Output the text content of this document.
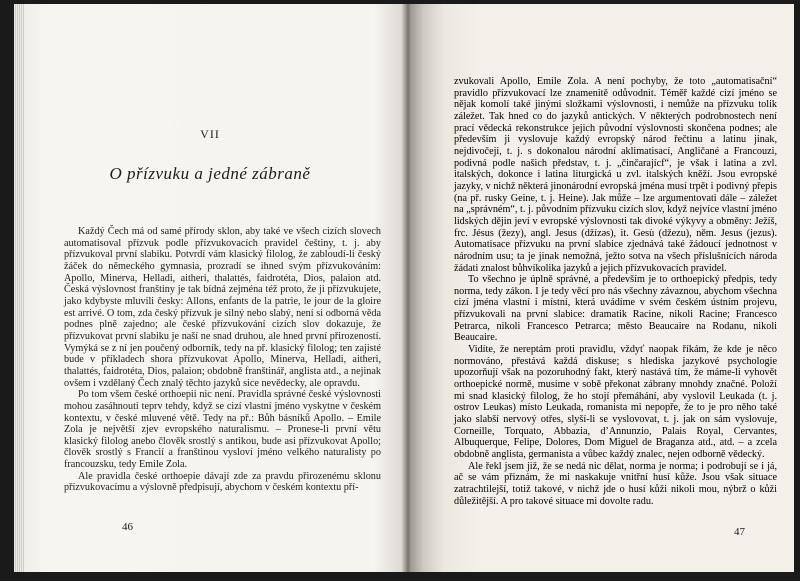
VII
O přízvuku a jedné zábraně

Každý Čech má od samé přírody sklon, aby také ve všech cizích slovech automatisoval přízvuk podle přízvukovacích pravidel češtiny, t. j. aby přízvukoval první slabiku. Potvrdí vám klasický filolog, že zabloudí-li český žáček do německého gymnasia, prozradí se ihned svým přízvukováním: Apollo, Minerva, Helladi, aitheri, thalattés, faidrotéta, Dios, palaion atd. Česká výslovnost franštiny je tak bídná zejména též proto, že ji přízvukujete, jako kdybyste mluvili česky: Allons, enfants de la patrie, le jour de la gloire est arrivé. O tom, zda český přízvuk je silný nebo slabý, není si odborná věda podnes plně zajedno; ale české přízvukování cizích slov dokazuje, že přízvukovat první slabiku je naší ne snad druhou, ale hned první přirozeností. Vymýká se z ní jen poučený odborník, tedy na př. klasický filolog; ten zajisté bude v příkladech shora přízvukovat Apollo, Minerva, Helladi, aitheri, thalattés, faidrotéta, Dios, palaion; obdobně franštinář, anglista atd., a nejinak ovšem i vzdělaný Čech znalý těchto jazyků sice nevědecky, ale opravdu.

Po tom všem české orthoepii nic není. Pravidla správné české výslovnosti mohou zasáhnouti teprv tehdy, když se cizí vlastní jméno vyskytne v českém kontextu, v české mluvené větě. Tedy na př.: Bůh básníků Apollo. – Emile Zola je největší zjev evropského naturalismu. – Pronese-li první větu klasický filolog anebo člověk srostlý s antikou, bude asi přízvukovat Apollo; člověk srostlý s Francií a franštinou vysloví jméno velkého naturalisty po francouzsku, tedy Emile Zola.

Ale pravidla české orthoepie dávají zde za pravdu přirozenému sklonu přízvukovacímu a výslovně předpisují, abychom v českém kontextu pří-

46	47

zvukovali Apollo, Emile Zola. A není pochyby, že toto „automatisační“ pravidlo přízvukovací lze znamenitě odůvodnit. Téměř každé cizí jméno se nějak komolí také jinými složkami výslovnosti, i nemůže na přízvuku tolik záležet. Tak hned co do jazyků antických. V některých podrobnostech není prací vědecká rekonstrukce jejich původní výslovnosti skončena podnes; ale především ji vyslovuje každý evropský národ řečtinu a latinu jinak, nejdivočeji, t. j. s dokonalou národní aklimatisací, Angličané a Francouzi, podivná podle našich představ, t. j. „činčarajícf“, je však i latina a zvl. italských, dokonce i latina liturgická u zvl. italských kněží. Jsou evropské jazyky, v nichž některá jinonárodní evropská jména musí trpět i podivný přepis (na př. rusky Geine, t. j. Heine). Jak může – lze argumentovati dále – záležet na „správném“, t. j. původním přízvuku cizích slov, když nejvíce vlastní jméno lidských dějin jeví v evropské výslovnosti tak divoké výkyvy a obměny: Ježíš, frc. Jésus (žezy), angl. Jesus (džízəs), it. Gesù (džezu), něm. Jesus (jezus). Automatisace přízvuku na první slabice zjednává také žádoucí jednotnost v národním usu; ta je jinak nemožná, ježto sotva na všech příslušnících národa žádati znalost bůhvíkolika jazyků a jejich přízvukovacích pravidel.

To všechno je úplně správné, a především je to orthoepický předpis, tedy norma, tedy zákon. I je tedy věcí pro nás všechny závaznou, abychom všechna cizí jména vlastní i místní, která uvádíme v svém českém ústním projevu, přízvukovali na první slabice: dramatik Racine, nikoli Racine; Francesco Petrarca, nikoli Francesco Petrarca; město Beaucaire na Rodanu, nikoli Beaucaire.

Vidíte, že nereptám proti pravidlu, vždyť naopak říkám, že kde je něco normováno, přestává každá diskuse; s hlediska jazykové psychologie upozorňují však na pozoruhodný fakt, který nastává tím, že máme-li vyhovět orthoepické normě, musíme v sobě překonat zábrany mnohdy značné. Položí mi snad klasický filolog, že ho stojí přemáhání, aby vyslovil Leukada (t. j. ostrov Leukas) místo Leukada, romanista mi nepopře, že to je pro něho také jako slabší nervový otřes, slyší-li se vyslovovat, t. j. jak on sám vyslovuje, Corneille, Torquato, Abbazia, d’Annunzio, Palais Royal, Cervantes, Albuquerque, Felipe, Dolores, Dom Miguel de Braganza atd., atd. – a zcela obdobně anglista, germanista a vůbec každý znalec, nejen odborně vědecký.

Ale řekl jsem již, že se nedá nic dělat, norma je norma; i podrobují se i já, ač se vám přiznám, že mi naskakuje vnitřní husí kůže. Jsou však situace zatrachtilejší, totiž takové, v nichž jde o husí kůži nikoli mou, nýbrž o kůži důležitější. A pro takové situace mi dovolte radu.
